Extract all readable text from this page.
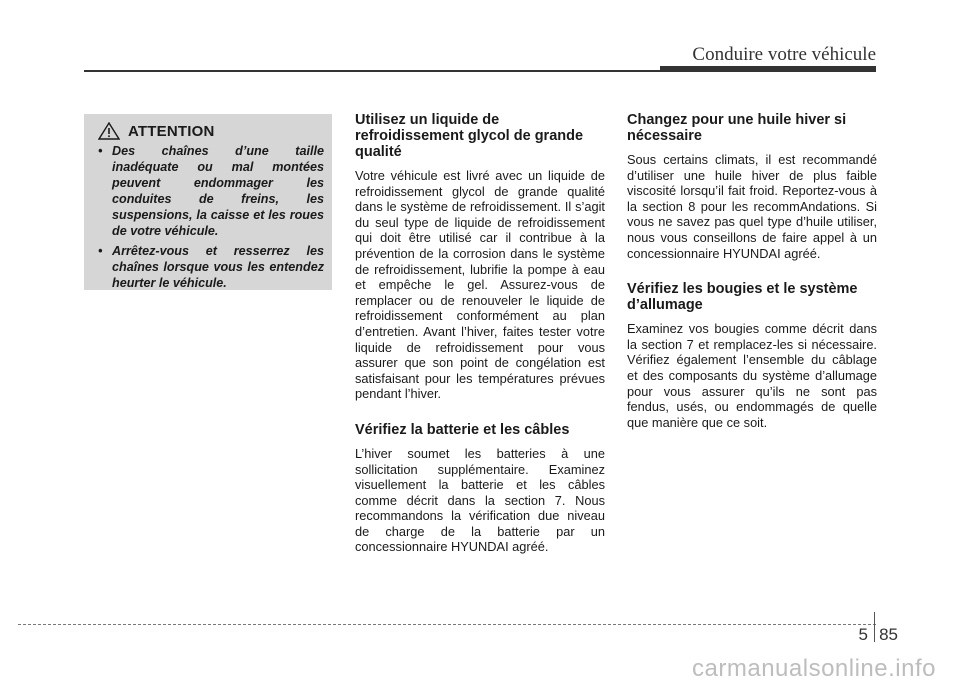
Conduire votre véhicule
ATTENTION
• Des chaînes d’une taille inadéquate ou mal montées peuvent endommager les conduites de freins, les suspensions, la caisse et les roues de votre véhicule.
• Arrêtez-vous et resserrez les chaînes lorsque vous les entendez heurter le véhicule.
Utilisez un liquide de refroidissement glycol de grande qualité

Votre véhicule est livré avec un liquide de refroidissement glycol de grande qualité dans le système de refroidissement. Il s’agit du seul type de liquide de refroidissement qui doit être utilisé car il contribue à la prévention de la corrosion dans le système de refroidissement, lubrifie la pompe à eau et empêche le gel. Assurez-vous de remplacer ou de renouveler le liquide de refroidissement conformément au plan d’entretien. Avant l’hiver, faites tester votre liquide de refroidissement pour vous assurer que son point de congélation est satisfaisant pour les températures prévues pendant l’hiver.

Vérifiez la batterie et les câbles

L’hiver soumet les batteries à une sollicitation supplémentaire. Examinez visuellement la batterie et les câbles comme décrit dans la section 7. Nous recommandons la vérification due niveau de charge de la batterie par un concessionnaire HYUNDAI agréé.

Changez pour une huile hiver si nécessaire

Sous certains climats, il est recommandé d’utiliser une huile hiver de plus faible viscosité lorsqu’il fait froid. Reportez-vous à la section 8 pour les recommAndations. Si vous ne savez pas quel type d’huile utiliser, nous vous conseillons de faire appel à un concessionnaire HYUNDAI agréé.

Vérifiez les bougies et le système d’allumage

Examinez vos bougies comme décrit dans la section 7 et remplacez-les si nécessaire. Vérifiez également l’ensemble du câblage et des composants du système d’allumage pour vous assurer qu’ils ne sont pas fendus, usés, ou endommagés de quelle que manière que ce soit.

5 85
carmanualsonline.info
